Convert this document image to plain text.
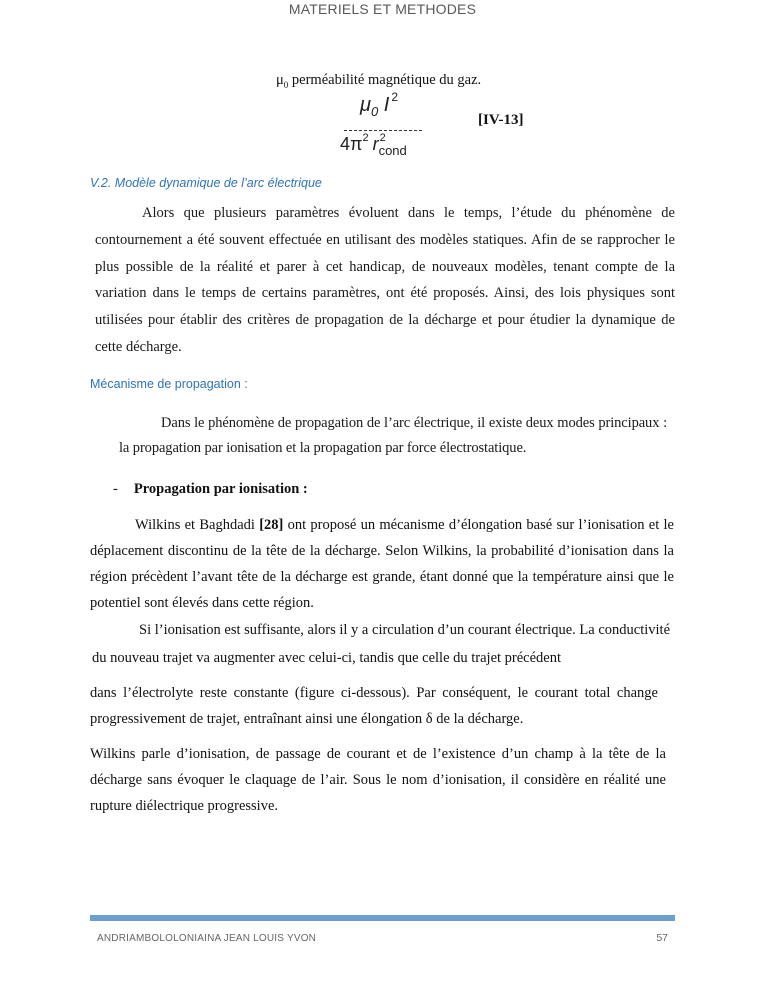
MATERIELS ET METHODES
$\mu_0$ perméabilité magnétique du gaz.
$\mu_0$ I $^2$
$4\pi^2$ r 2
cond
[IV-13]
V.2. Modèle dynamique de l’arc électrique
Alors que plusieurs paramètres évoluent dans le temps, l’étude du phénomène de contournement a été souvent effectuée en utilisant des modèles statiques. Afin de se rapprocher le plus possible de la réalité et parer à cet handicap, de nouveaux modèles, tenant compte de la variation dans le temps de certains paramètres, ont été proposés. Ainsi, des lois physiques sont utilisées pour établir des critères de propagation de la décharge et pour étudier la dynamique de cette décharge.
Mécanisme de propagation :
Dans le phénomène de propagation de l’arc électrique, il existe deux modes principaux : la propagation par ionisation et la propagation par force électrostatique.
- Propagation par ionisation :
Wilkins et Baghdadi [28] ont proposé un mécanisme d’élongation basé sur l’ionisation et le déplacement discontinu de la tête de la décharge. Selon Wilkins, la probabilité d’ionisation dans la région précèdent l’avant tête de la décharge est grande, étant donné que la température ainsi que le potentiel sont élevés dans cette région.
Si l’ionisation est suffisante, alors il y a circulation d’un courant électrique. La conductivité du nouveau trajet va augmenter avec celui-ci, tandis que celle du trajet précédent
dans l’électrolyte reste constante (figure ci-dessous). Par conséquent, le courant total change progressivement de trajet, entraînant ainsi une élongation δ de la décharge.
Wilkins parle d’ionisation, de passage de courant et de l’existence d’un champ à la tête de la décharge sans évoquer le claquage de l’air. Sous le nom d’ionisation, il considère en réalité une rupture diélectrique progressive.
ANDRIAMBOLOLONIAINA JEAN LOUIS YVON	57
